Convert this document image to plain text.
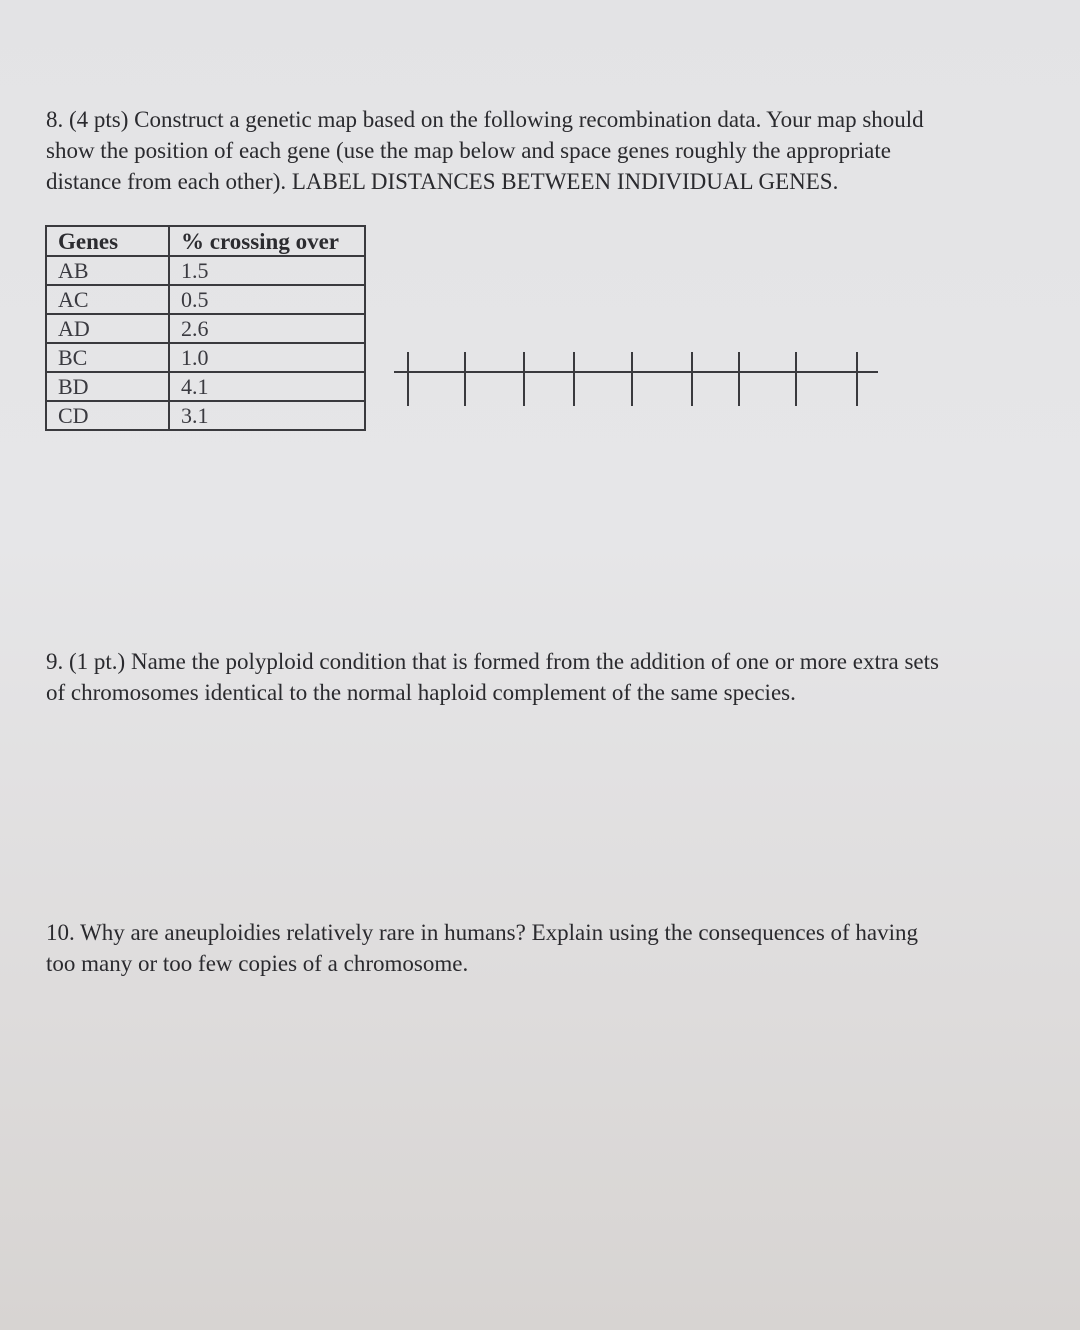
8. (4 pts) Construct a genetic map based on the following recombination data. Your map should
show the position of each gene (use the map below and space genes roughly the appropriate
distance from each other). LABEL DISTANCES BETWEEN INDIVIDUAL GENES.
Genes	% crossing over
AB	1.5
AC	0.5
AD	2.6
BC	1.0
BD	4.1
CD	3.1
9. (1 pt.) Name the polyploid condition that is formed from the addition of one or more extra sets
of chromosomes identical to the normal haploid complement of the same species.
10. Why are aneuploidies relatively rare in humans? Explain using the consequences of having
too many or too few copies of a chromosome.
